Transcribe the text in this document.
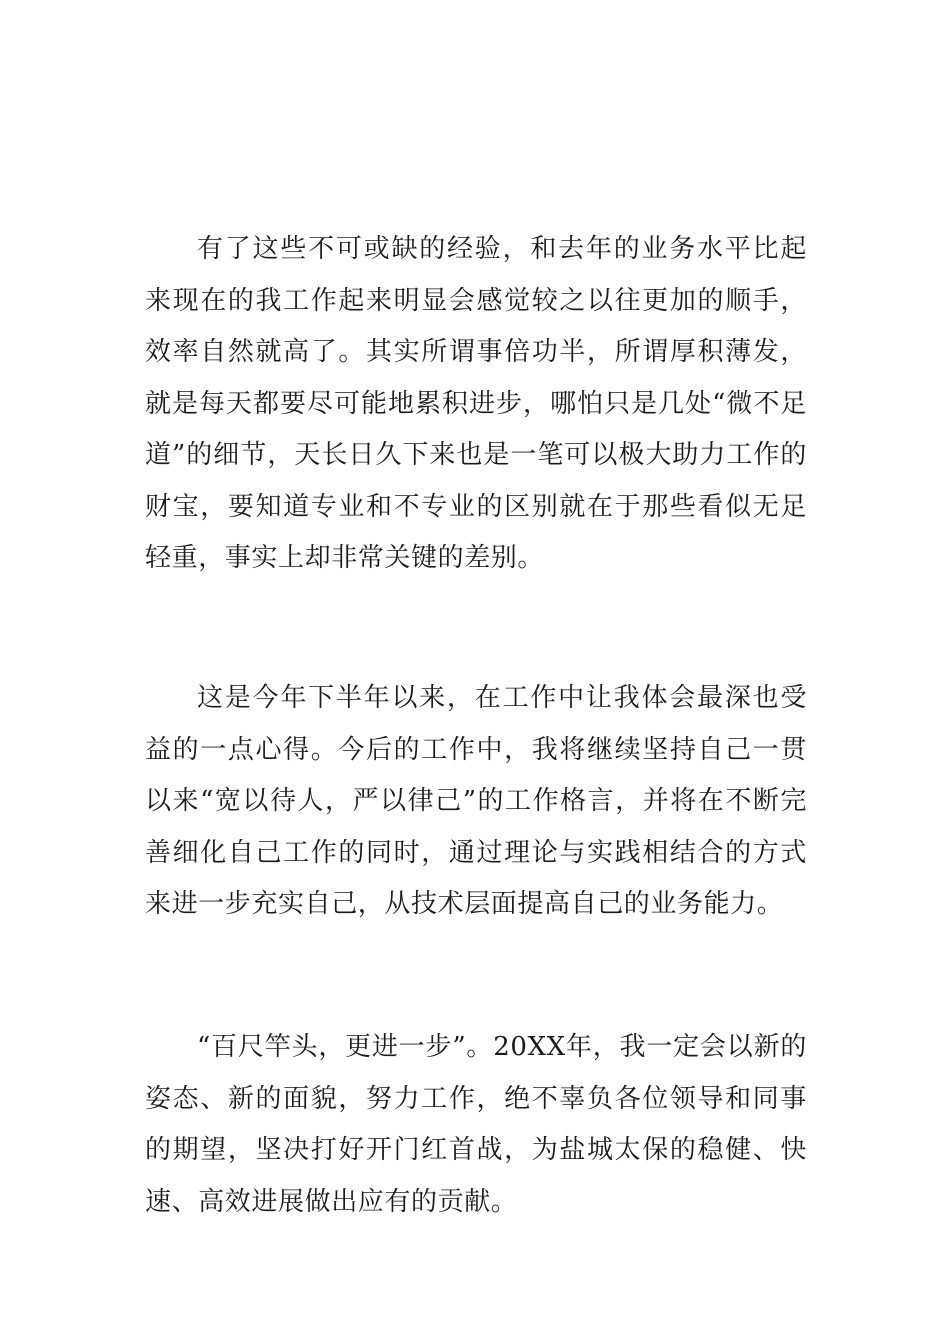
有了这些不可或缺的经验，和去年的业务水平比起来现在的我工作起来明显会感觉较之以往更加的顺手，效率自然就高了。其实所谓事倍功半，所谓厚积薄发，就是每天都要尽可能地累积进步，哪怕只是几处“微不足道”的细节，天长日久下来也是一笔可以极大助力工作的财宝，要知道专业和不专业的区别就在于那些看似无足轻重，事实上却非常关键的差别。

这是今年下半年以来，在工作中让我体会最深也受益的一点心得。今后的工作中，我将继续坚持自己一贯以来“宽以待人，严以律己”的工作格言，并将在不断完善细化自己工作的同时，通过理论与实践相结合的方式来进一步充实自己，从技术层面提高自己的业务能力。

“百尺竿头，更进一步”。20XX年，我一定会以新的姿态、新的面貌，努力工作，绝不辜负各位领导和同事的期望，坚决打好开门红首战，为盐城太保的稳健、快速、高效进展做出应有的贡献。
